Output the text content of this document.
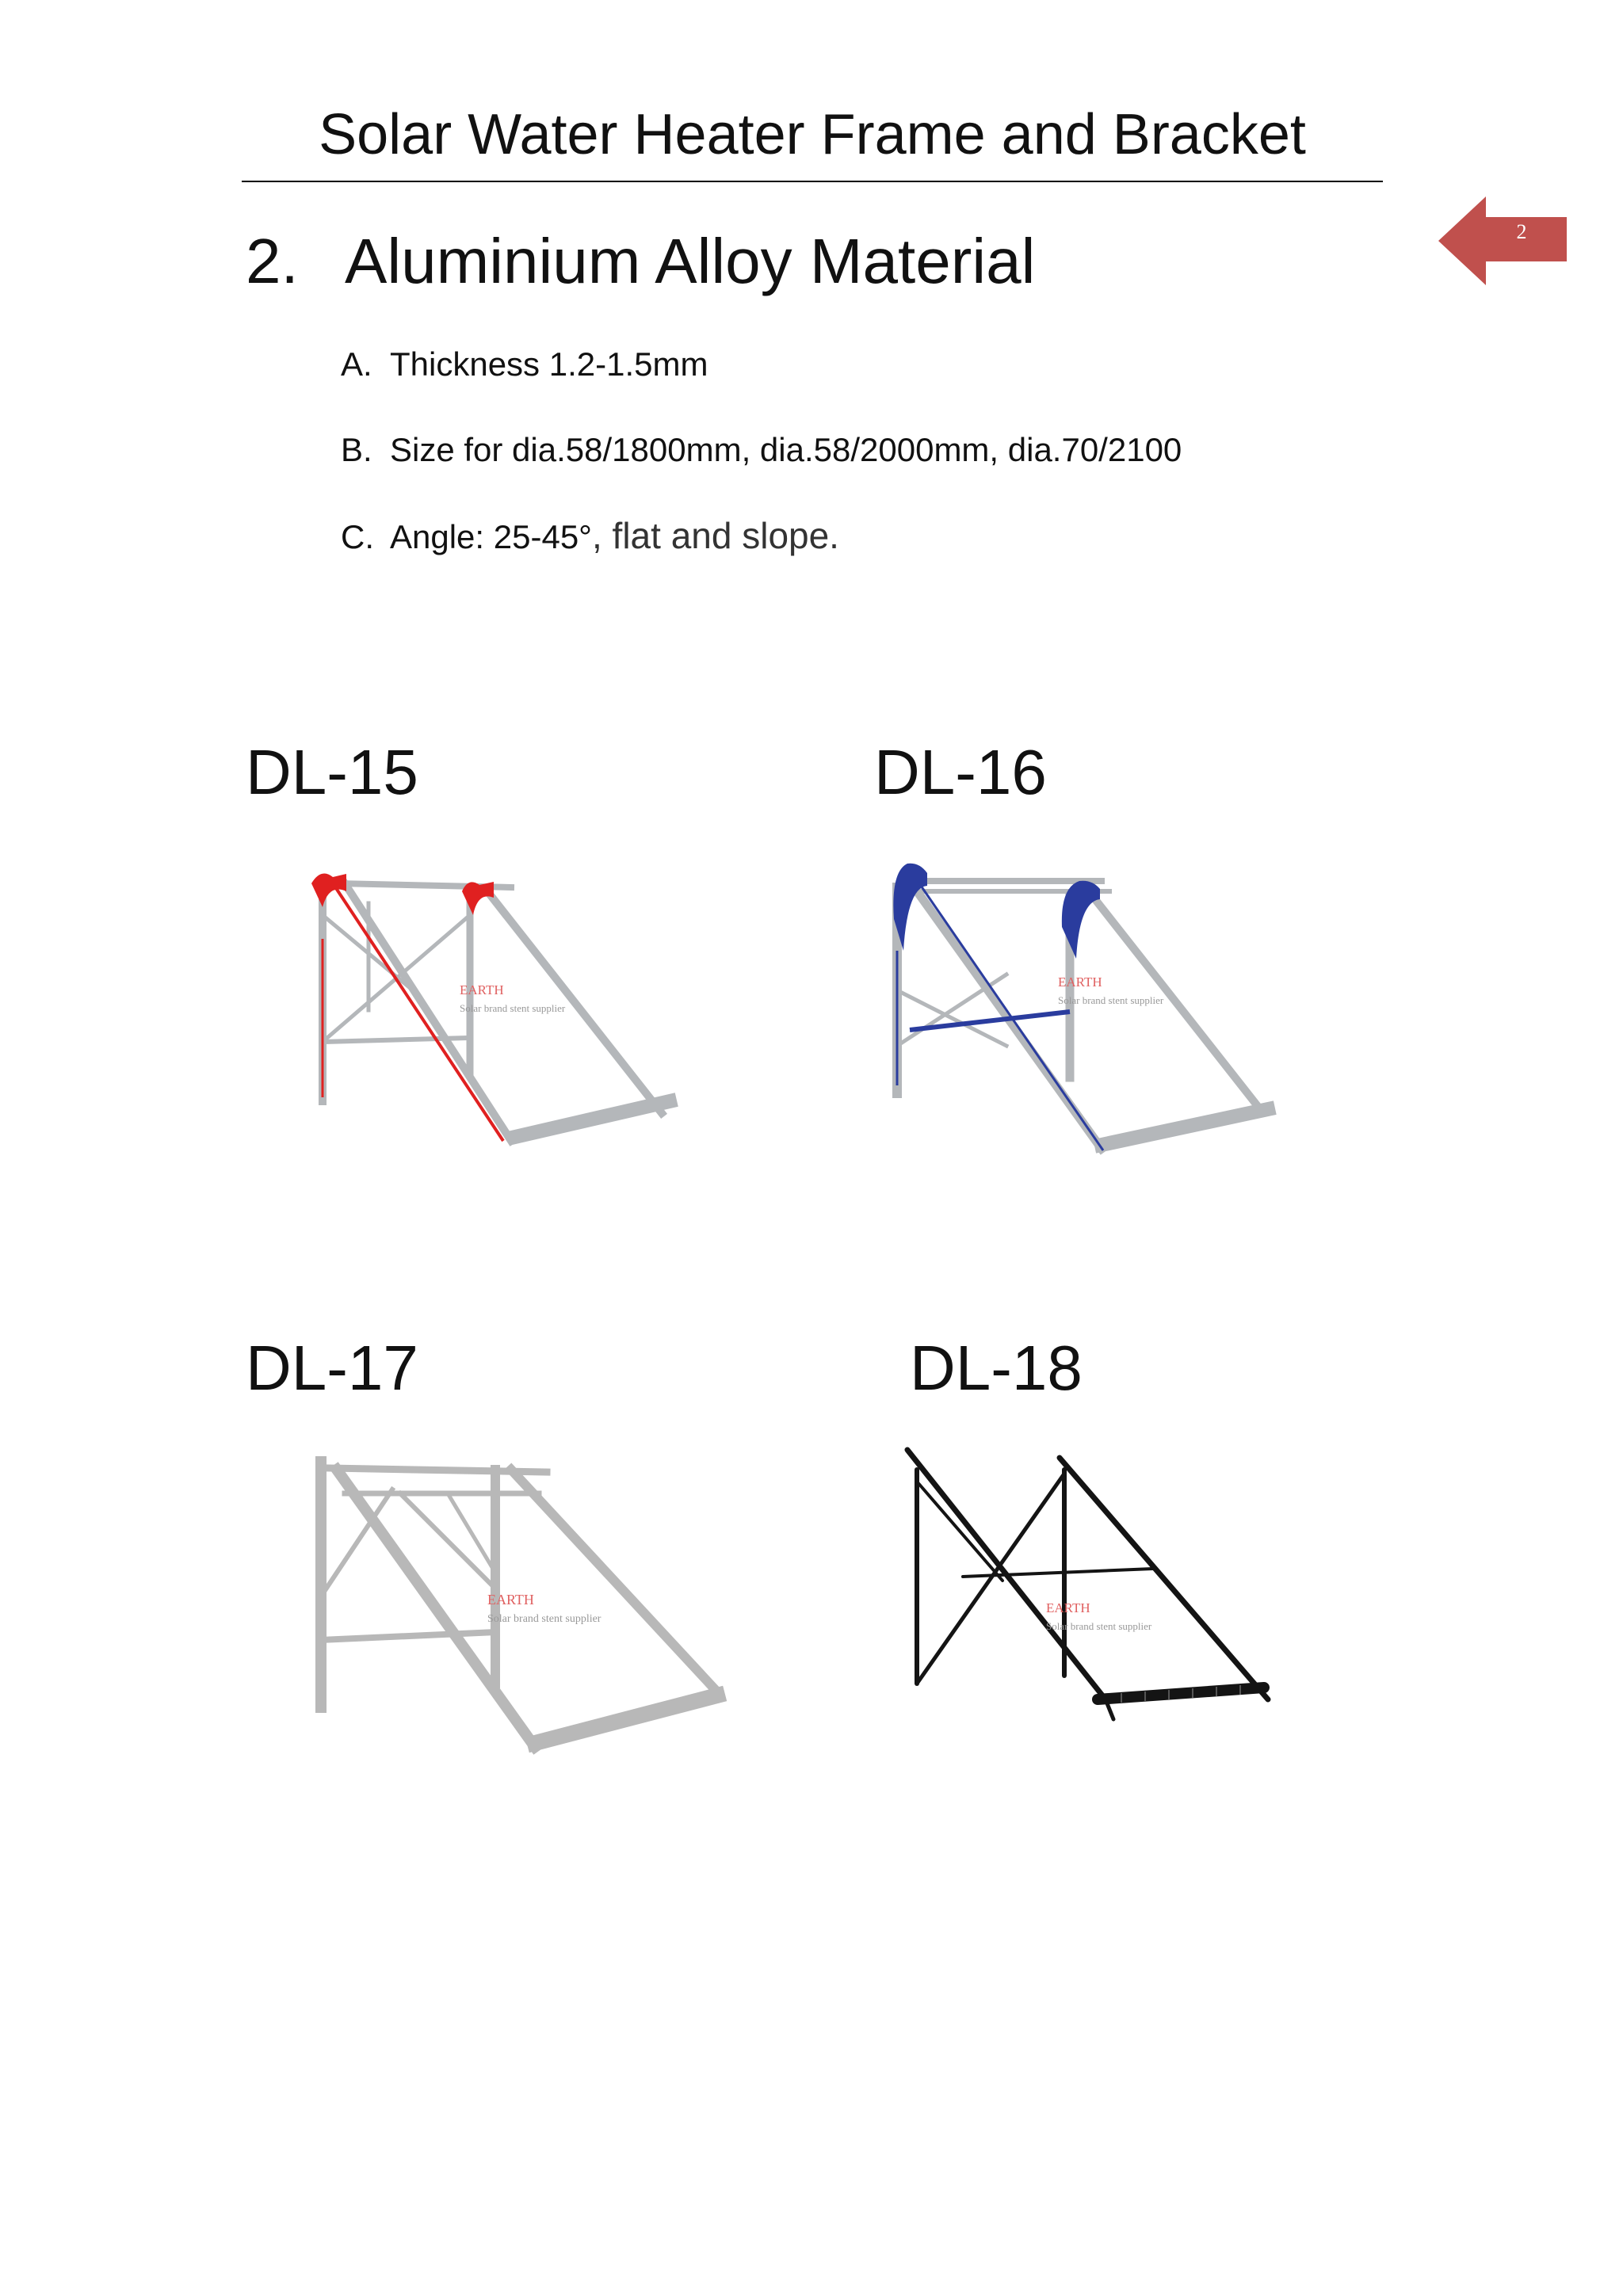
Solar Water Heater Frame and Bracket
2
2. Aluminium Alloy Material
A. Thickness 1.2-1.5mm
B. Size for dia.58/1800mm, dia.58/2000mm, dia.70/2100
C. Angle: 25-45°, flat and slope.
DL-15	DL-16
DL-17	DL-18
EARTH
Solar brand stent supplier
EARTH
Solar brand stent supplier
EARTH
Solar brand stent supplier
EARTH
Solar brand stent supplier
